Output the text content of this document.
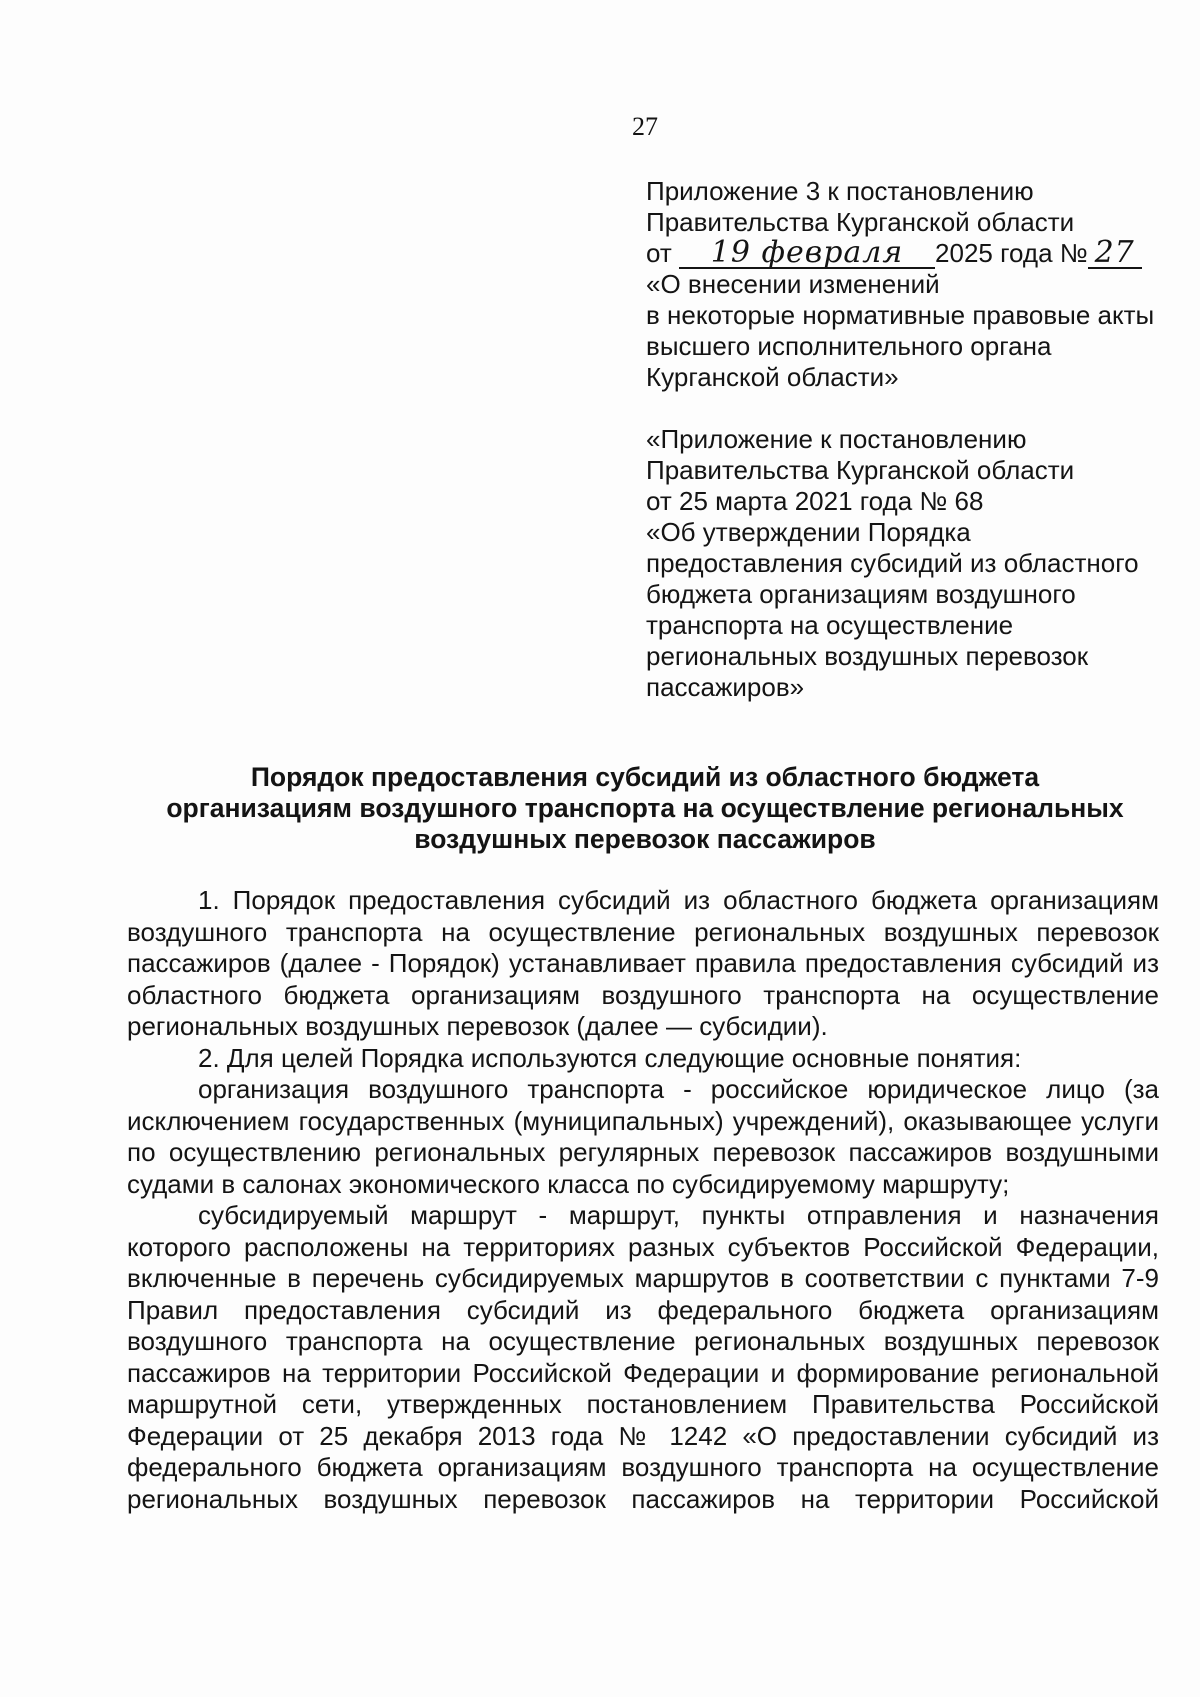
27
Приложение 3 к постановлению
Правительства Курганской области
от 19 февраля 2025 года № 27
«О внесении изменений
в некоторые нормативные правовые акты
высшего исполнительного органа
Курганской области»
«Приложение к постановлению
Правительства Курганской области
от 25 марта 2021 года № 68
«Об утверждении Порядка
предоставления субсидий из областного
бюджета организациям воздушного
транспорта на осуществление
региональных воздушных перевозок
пассажиров»
Порядок предоставления субсидий из областного бюджета
организациям воздушного транспорта на осуществление региональных
воздушных перевозок пассажиров
1. Порядок предоставления субсидий из областного бюджета организациям
воздушного транспорта на осуществление региональных воздушных перевозок
пассажиров (далее - Порядок) устанавливает правила предоставления субсидий из
областного бюджета организациям воздушного транспорта на осуществление
региональных воздушных перевозок (далее — субсидии).
2. Для целей Порядка используются следующие основные понятия:
организация воздушного транспорта - российское юридическое лицо (за
исключением государственных (муниципальных) учреждений), оказывающее услуги
по осуществлению региональных регулярных перевозок пассажиров воздушными
судами в салонах экономического класса по субсидируемому маршруту;
субсидируемый маршрут - маршрут, пункты отправления и назначения
которого расположены на территориях разных субъектов Российской Федерации,
включенные в перечень субсидируемых маршрутов в соответствии с пунктами 7-9
Правил предоставления субсидий из федерального бюджета организациям
воздушного транспорта на осуществление региональных воздушных перевозок
пассажиров на территории Российской Федерации и формирование региональной
маршрутной сети, утвержденных постановлением Правительства Российской
Федерации от 25 декабря 2013 года № 1242 «О предоставлении субсидий из
федерального бюджета организациям воздушного транспорта на осуществление
региональных воздушных перевозок пассажиров на территории Российской
